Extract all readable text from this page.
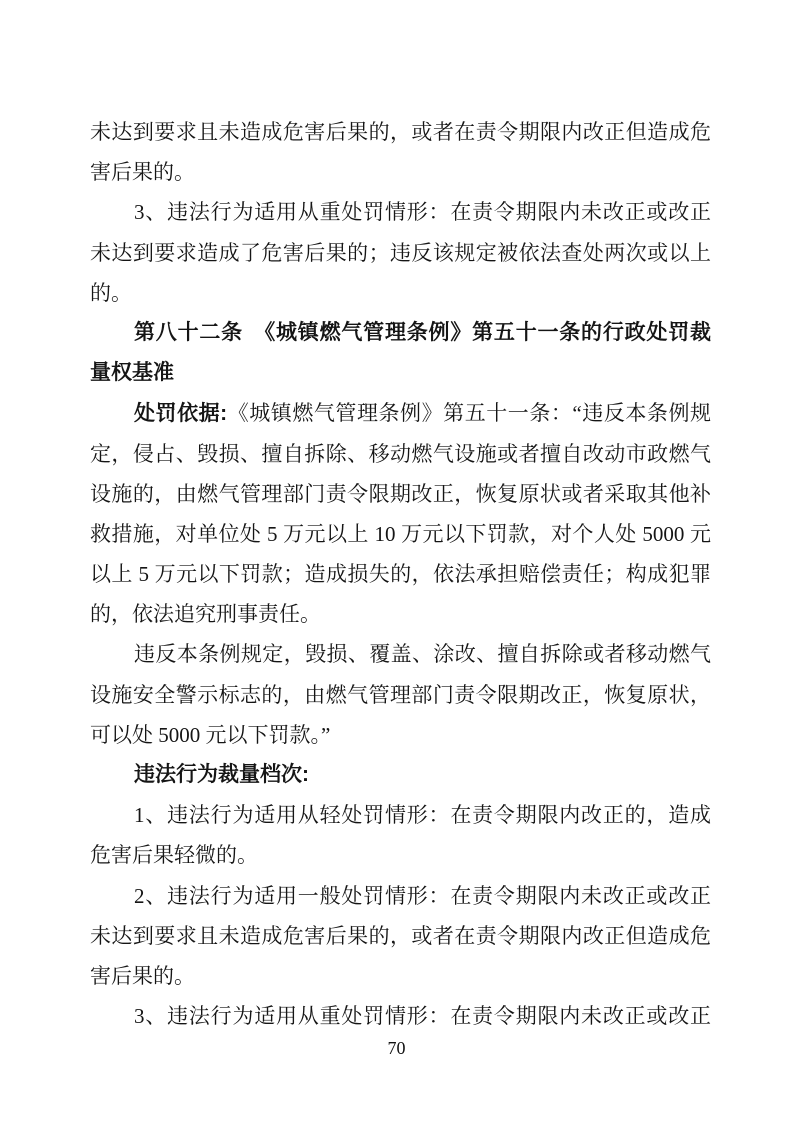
未达到要求且未造成危害后果的，或者在责令期限内改正但造成危
害后果的。
3、违法行为适用从重处罚情形：在责令期限内未改正或改正
未达到要求造成了危害后果的；违反该规定被依法查处两次或以上
的。
第八十二条　《城镇燃气管理条例》第五十一条的行政处罚裁
量权基准
处罚依据:《城镇燃气管理条例》第五十一条：“违反本条例规
定，侵占、毁损、擅自拆除、移动燃气设施或者擅自改动市政燃气
设施的，由燃气管理部门责令限期改正，恢复原状或者采取其他补
救措施，对单位处 5 万元以上 10 万元以下罚款，对个人处 5000 元
以上 5 万元以下罚款；造成损失的，依法承担赔偿责任；构成犯罪
的，依法追究刑事责任。
违反本条例规定，毁损、覆盖、涂改、擅自拆除或者移动燃气
设施安全警示标志的，由燃气管理部门责令限期改正，恢复原状，
可以处 5000 元以下罚款。”
违法行为裁量档次:
1、违法行为适用从轻处罚情形：在责令期限内改正的，造成
危害后果轻微的。
2、违法行为适用一般处罚情形：在责令期限内未改正或改正
未达到要求且未造成危害后果的，或者在责令期限内改正但造成危
害后果的。
3、违法行为适用从重处罚情形：在责令期限内未改正或改正
70
